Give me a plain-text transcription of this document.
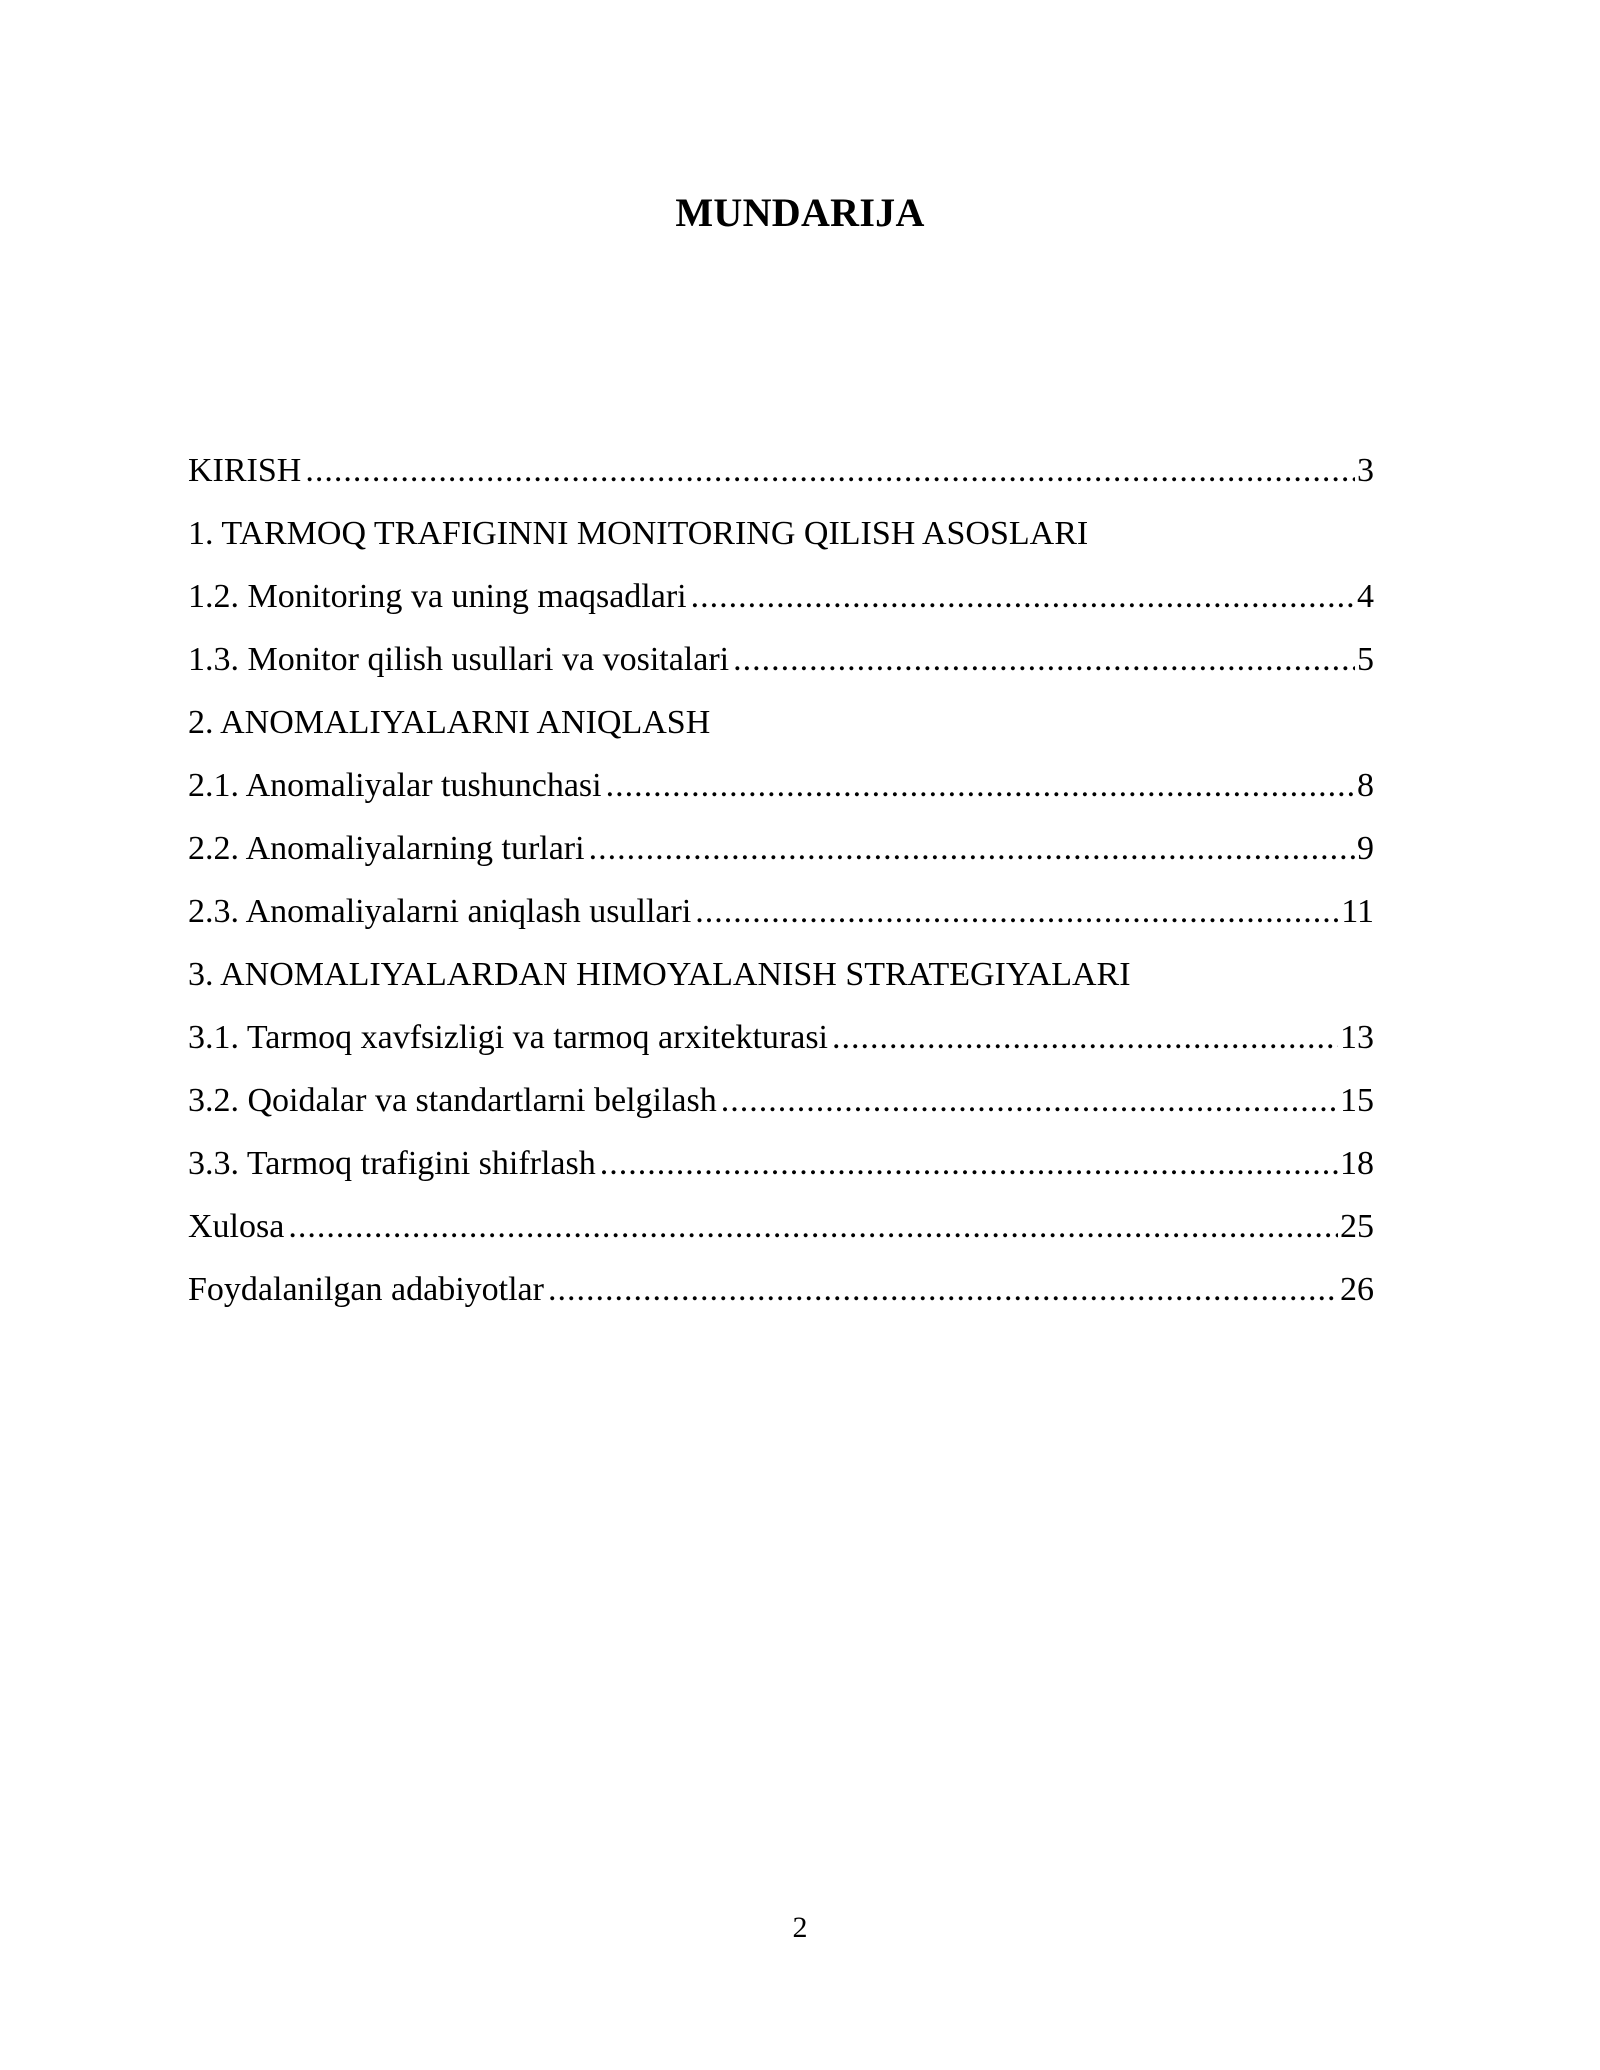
MUNDARIJA
KIRISH .....	3
1. TARMOQ TRAFIGINNI MONITORING QILISH ASOSLARI
1.2. Monitoring va uning maqsadlari .....	4
1.3. Monitor qilish usullari va vositalari .....	5
2. ANOMALIYALARNI ANIQLASH
2.1. Anomaliyalar tushunchasi .....	8
2.2. Anomaliyalarning turlari .....	9
2.3. Anomaliyalarni aniqlash usullari .....	11
3. ANOMALIYALARDAN HIMOYALANISH STRATEGIYALARI
3.1. Tarmoq xavfsizligi va tarmoq arxitekturasi .....	13
3.2. Qoidalar va standartlarni belgilash .....	15
3.3. Tarmoq trafigini shifrlash .....	18
Xulosa .....	25
Foydalanilgan adabiyotlar .....	26
2
